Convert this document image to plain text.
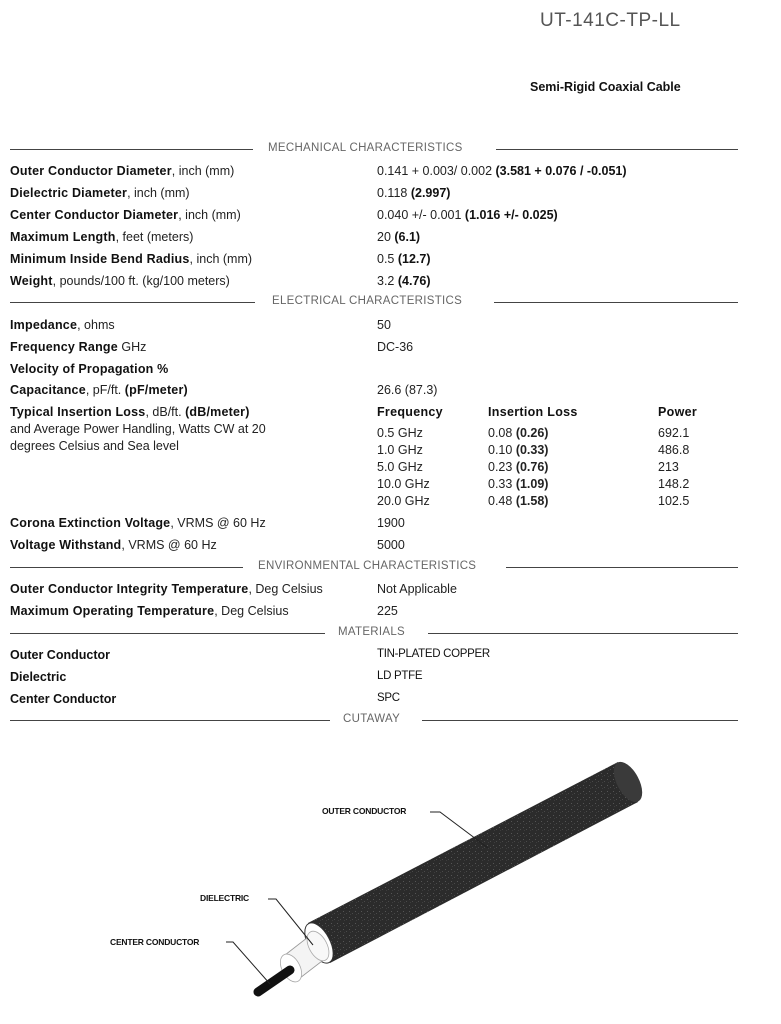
UT-141C-TP-LL
Semi-Rigid Coaxial Cable
MECHANICAL CHARACTERISTICS
Outer Conductor Diameter, inch (mm)	0.141 + 0.003/ 0.002 (3.581 + 0.076 / -0.051)
Dielectric Diameter, inch (mm)	0.118 (2.997)
Center Conductor Diameter, inch (mm)	0.040 +/- 0.001 (1.016 +/- 0.025)
Maximum Length, feet (meters)	20 (6.1)
Minimum Inside Bend Radius, inch (mm)	0.5 (12.7)
Weight, pounds/100 ft. (kg/100 meters)	3.2 (4.76)
ELECTRICAL CHARACTERISTICS
Impedance, ohms	50
Frequency Range GHz	DC-36
Velocity of Propagation %
Capacitance, pF/ft. (pF/meter)	26.6 (87.3)
Typical Insertion Loss, dB/ft. (dB/meter)
and Average Power Handling, Watts CW at 20 degrees Celsius and Sea level
Frequency	Insertion Loss	Power
0.5 GHz	0.08 (0.26)	692.1
1.0 GHz	0.10 (0.33)	486.8
5.0 GHz	0.23 (0.76)	213
10.0 GHz	0.33 (1.09)	148.2
20.0 GHz	0.48 (1.58)	102.5
Corona Extinction Voltage, VRMS @ 60 Hz	1900
Voltage Withstand, VRMS @ 60 Hz	5000
ENVIRONMENTAL CHARACTERISTICS
Outer Conductor Integrity Temperature, Deg Celsius	Not Applicable
Maximum Operating Temperature, Deg Celsius	225
MATERIALS
Outer Conductor	TIN-PLATED COPPER
Dielectric	LD PTFE
Center Conductor	SPC
CUTAWAY
OUTER CONDUCTOR
DIELECTRIC
CENTER CONDUCTOR
